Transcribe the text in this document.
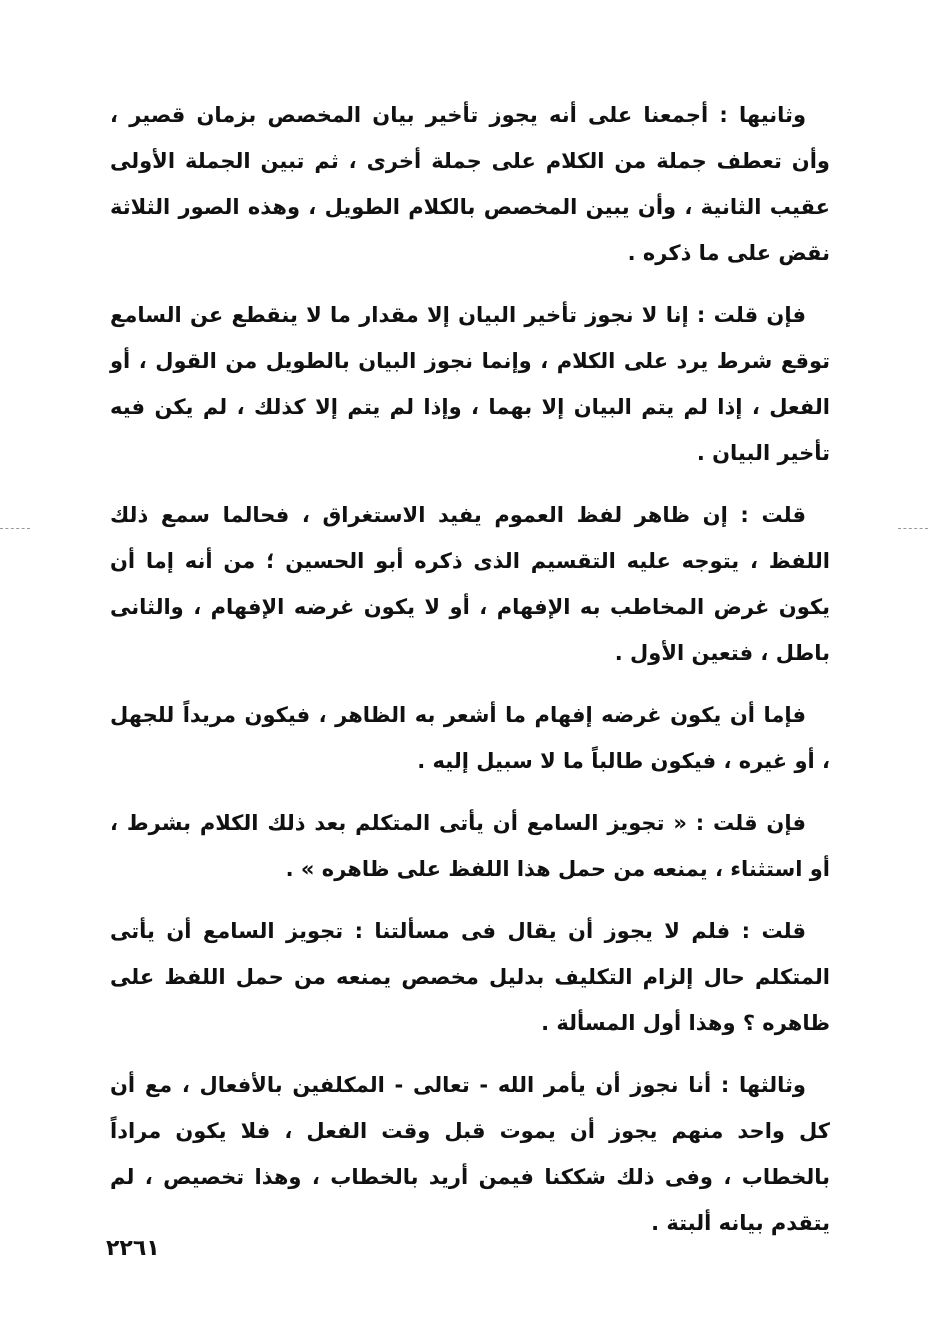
وثانيها : أجمعنا على أنه يجوز تأخير بيان المخصص بزمان قصير ، وأن تعطف جملة من الكلام على جملة أخرى ، ثم تبين الجملة الأولى عقيب الثانية ، وأن يبين المخصص بالكلام الطويل ، وهذه الصور الثلاثة نقض على ما ذكره .

فإن قلت : إنا لا نجوز تأخير البيان إلا مقدار ما لا ينقطع عن السامع توقع شرط يرد على الكلام ، وإنما نجوز البيان بالطويل من القول ، أو الفعل ، إذا لم يتم البيان إلا بهما ، وإذا لم يتم إلا كذلك ، لم يكن فيه تأخير البيان .

قلت : إن ظاهر لفظ العموم يفيد الاستغراق ، فحالما سمع ذلك اللفظ ، يتوجه عليه التقسيم الذى ذكره أبو الحسين ؛ من أنه إما أن يكون غرض المخاطب به الإفهام ، أو لا يكون غرضه الإفهام ، والثانى باطل ، فتعين الأول .

فإما أن يكون غرضه إفهام ما أشعر به الظاهر ، فيكون مريداً للجهل ، أو غيره ، فيكون طالباً ما لا سبيل إليه .

فإن قلت : « تجويز السامع أن يأتى المتكلم بعد ذلك الكلام بشرط ، أو استثناء ، يمنعه من حمل هذا اللفظ على ظاهره » .

قلت : فلم لا يجوز أن يقال فى مسألتنا : تجويز السامع أن يأتى المتكلم حال إلزام التكليف بدليل مخصص يمنعه من حمل اللفظ على ظاهره ؟ وهذا أول المسألة .

وثالثها : أنا نجوز أن يأمر الله - تعالى - المكلفين بالأفعال ، مع أن كل واحد منهم يجوز أن يموت قبل وقت الفعل ، فلا يكون مراداً بالخطاب ، وفى ذلك شككنا فيمن أريد بالخطاب ، وهذا تخصيص ، لم يتقدم بيانه ألبتة .

٢٢٦١
